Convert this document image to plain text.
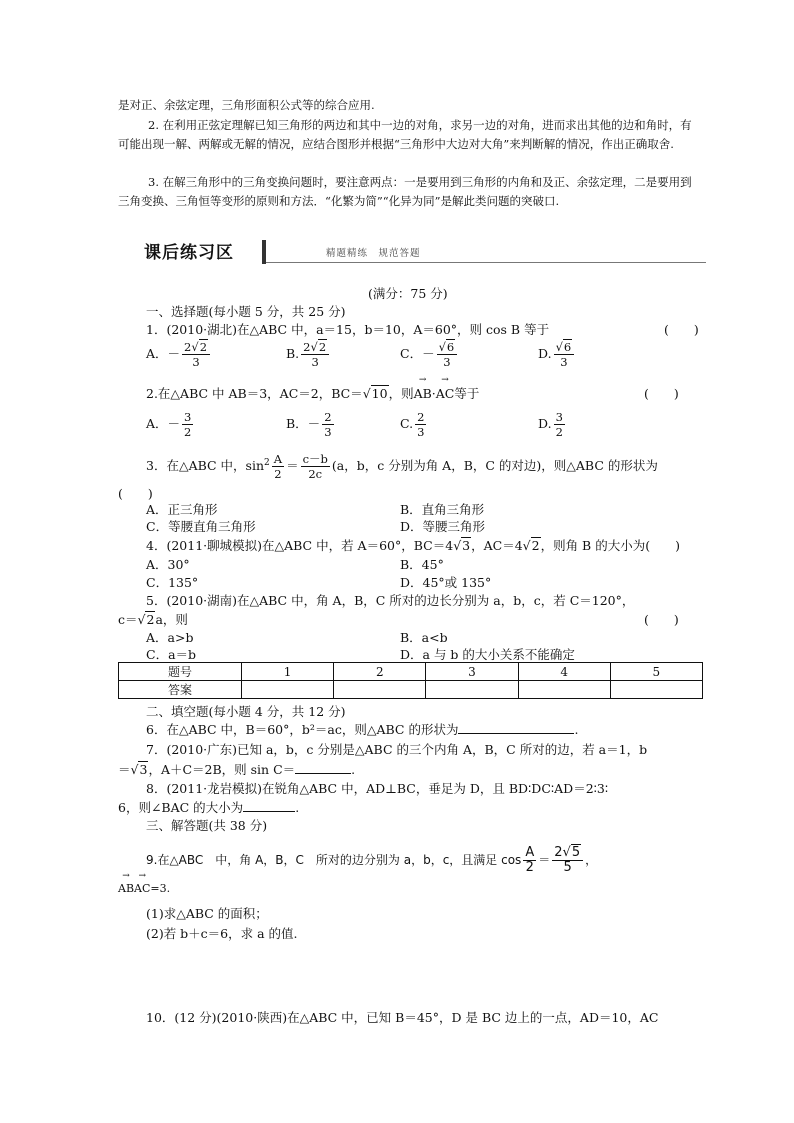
是对正、余弦定理，三角形面积公式等的综合应用.
2. 在利用正弦定理解已知三角形的两边和其中一边的对角，求另一边的对角，进而求出其他的边和角时，有可能出现一解、两解或无解的情况，应结合图形并根据“三角形中大边对大角”来判断解的情况，作出正确取舍.
3. 在解三角形中的三角变换问题时，要注意两点：一是要用到三角形的内角和及正、余弦定理，二是要用到三角变换、三角恒等变形的原则和方法．“化繁为简”“化异为同”是解此类问题的突破口.
课后练习区	精题精练　规范答题
(满分：75 分)
一、选择题(每小题 5 分，共 25 分)
1．(2010·湖北)在△ABC 中，a＝15，b＝10，A＝60°，则 cos B 等于	(　　)
A．－ $\frac{2√2}{3}$	B. $\frac{2√2}{3}$	C．－ $\frac{√6}{3}$	D. $\frac{√6}{3}$
2.在△ABC 中 AB＝3，AC＝2，BC＝√10，则→ AB·→ AC等于	(　　)
A．－ $\frac{3}{2}$	B．－ $\frac{2}{3}$	C. $\frac{2}{3}$	D. $\frac{3}{2}$
3．在△ABC 中，$\sin^2 \frac{A}{2} = \frac{c-b}{2c} (a$，b，c 分别为角 A，B，C 的对边)，则△ABC 的形状为
(　　)
A．正三角形	B．直角三角形
C．等腰直角三角形	D．等腰三角形
4．(2011·聊城模拟)在△ABC 中，若 A＝60°，BC＝4√3，AC＝4√2，则角 B 的大小为(　　)
A．30°	B．45°
C．135°	D．45°或 135°
5．(2010·湖南)在△ABC 中，角 A，B，C 所对的边长分别为 a，b，c，若 C＝120°，
c＝√2a，则	(　　)
A．a>b	B．a<b
C．a＝b	D．a 与 b 的大小关系不能确定
题号	1	2	3	4	5
答案					
二、填空题(每小题 4 分，共 12 分)
6．在△ABC 中，B＝60°，b²＝ac，则△ABC 的形状为	.
7．(2010·广东)已知 a，b，c 分别是△ABC 的三个内角 A，B，C 所对的边，若 a＝1，b
＝√3，A＋C＝2B，则 sin C＝	.
8．(2011·龙岩模拟)在锐角△ABC 中，AD⊥BC，垂足为 D，且 BD∶DC∶AD＝2∶3∶
6，则∠BAC 的大小为	.
三、解答题(共 38 分)
9.在△ABC　中，角 A，B，C　所对的边分别为 a，b，c，且满足 $\cos \frac{A}{2} = \frac{2√5}{5}$ ，
→ AB→ AC=3.
(1)求△ABC 的面积；
(2)若 b＋c＝6，求 a 的值.
10．(12 分)(2010·陕西)在△ABC 中，已知 B＝45°，D 是 BC 边上的一点，AD＝10，AC
